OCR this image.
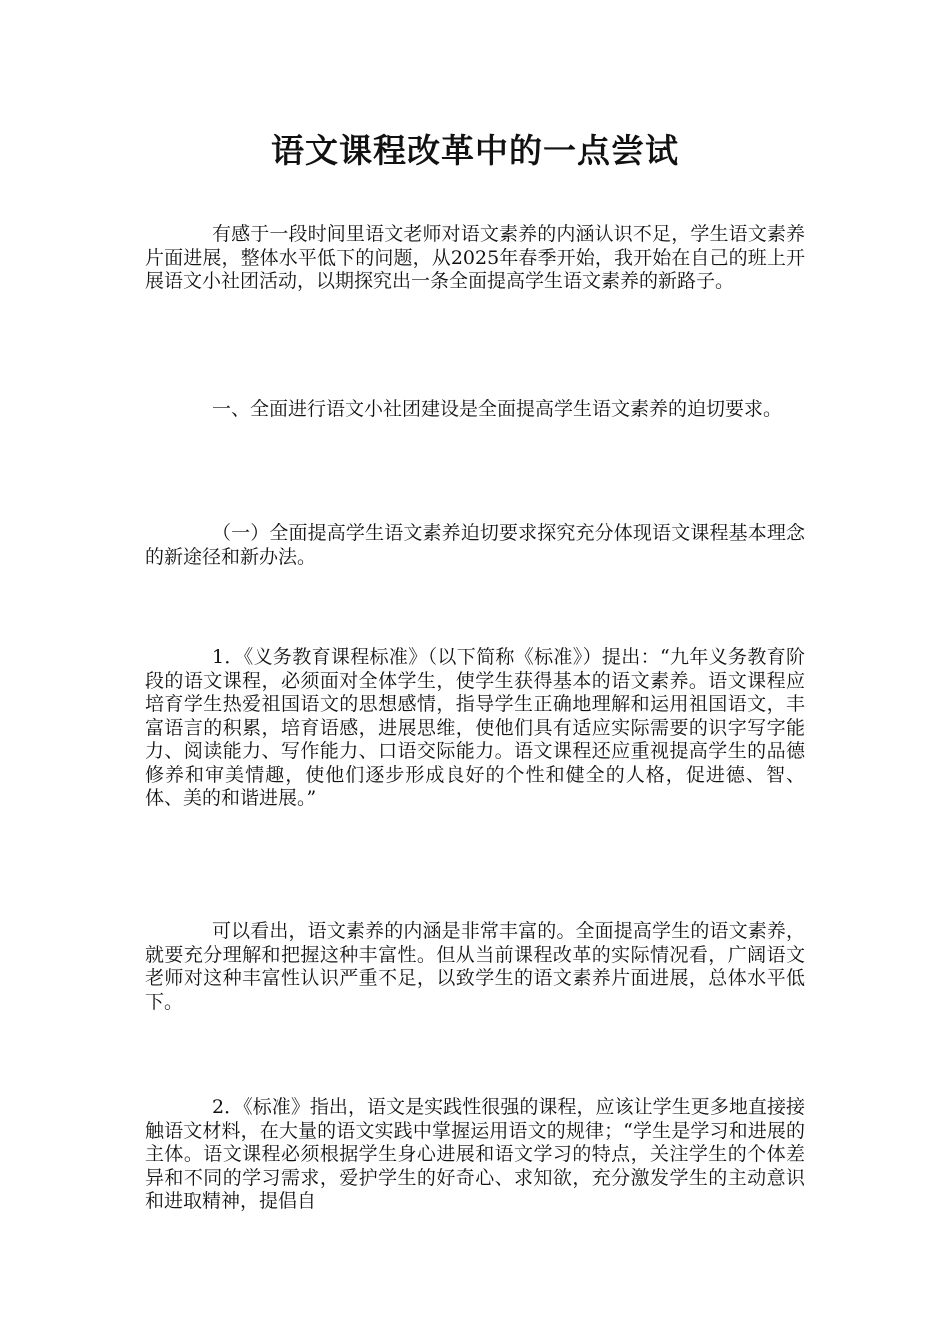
语文课程改革中的一点尝试
有感于一段时间里语文老师对语文素养的内涵认识不足，学生语文素养片面进展，整体水平低下的问题，从2025年春季开始，我开始在自己的班上开展语文小社团活动，以期探究出一条全面提高学生语文素养的新路子。
一、全面进行语文小社团建设是全面提高学生语文素养的迫切要求。
（一）全面提高学生语文素养迫切要求探究充分体现语文课程基本理念的新途径和新办法。
1．《义务教育课程标准》（以下简称《标准》）提出：“九年义务教育阶段的语文课程，必须面对全体学生，使学生获得基本的语文素养。语文课程应培育学生热爱祖国语文的思想感情，指导学生正确地理解和运用祖国语文，丰富语言的积累，培育语感，进展思维，使他们具有适应实际需要的识字写字能力、阅读能力、写作能力、口语交际能力。语文课程还应重视提高学生的品德修养和审美情趣，使他们逐步形成良好的个性和健全的人格，促进德、智、体、美的和谐进展。”
可以看出，语文素养的内涵是非常丰富的。全面提高学生的语文素养，就要充分理解和把握这种丰富性。但从当前课程改革的实际情况看，广阔语文老师对这种丰富性认识严重不足，以致学生的语文素养片面进展，总体水平低下。
2．《标准》指出，语文是实践性很强的课程，应该让学生更多地直接接触语文材料，在大量的语文实践中掌握运用语文的规律；“学生是学习和进展的主体。语文课程必须根据学生身心进展和语文学习的特点，关注学生的个体差异和不同的学习需求，爱护学生的好奇心、求知欲，充分激发学生的主动意识和进取精神，提倡自
